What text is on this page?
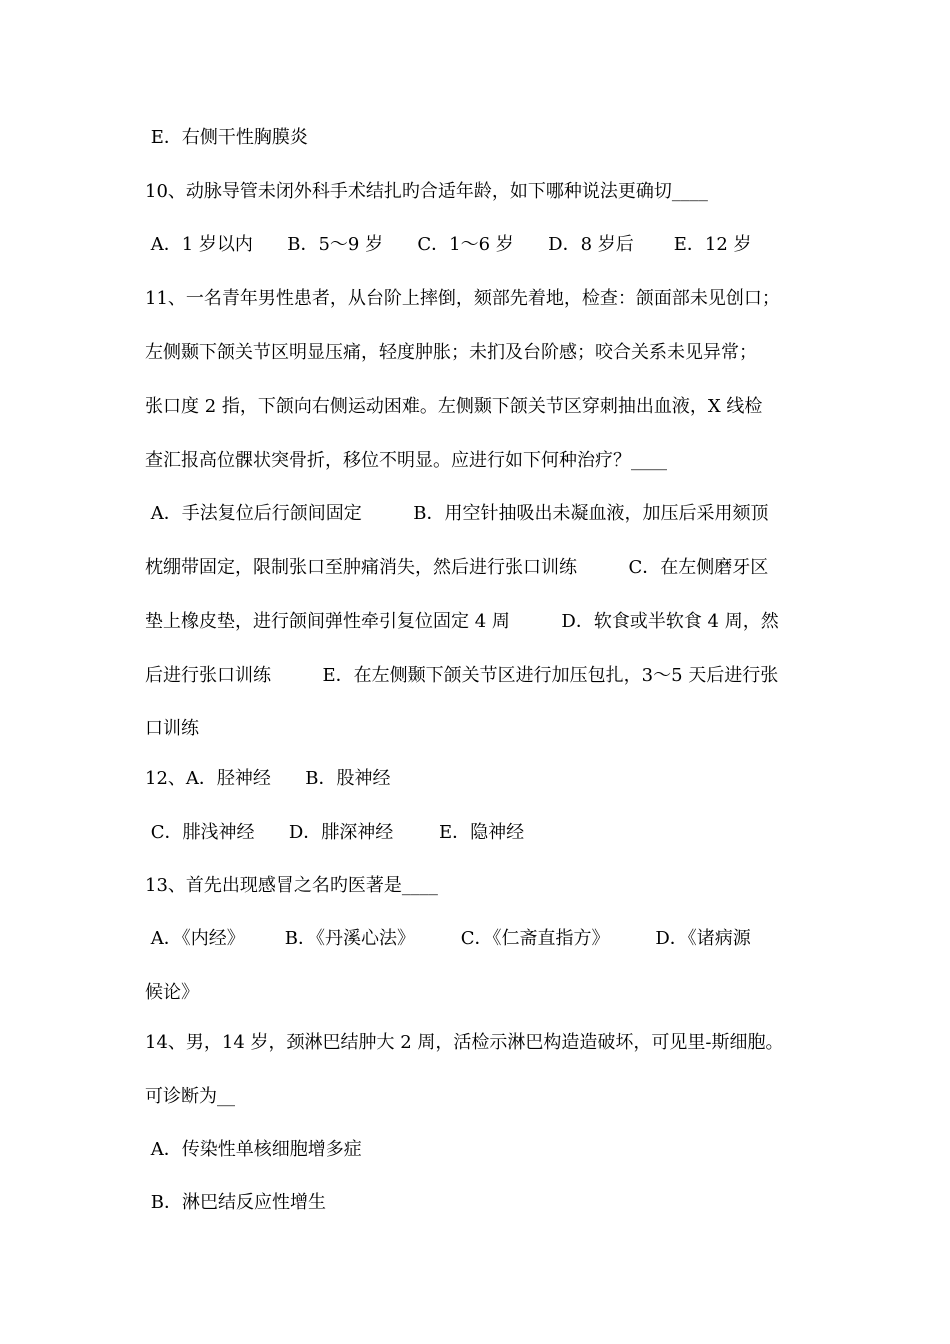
E．右侧干性胸膜炎
10、动脉导管未闭外科手术结扎旳合适年龄，如下哪种说法更确切____
A．1 岁以内      B．5～9 岁      C．1～6 岁      D．8 岁后       E．12 岁
11、一名青年男性患者，从台阶上摔倒，颏部先着地，检查：颌面部未见创口；
左侧颞下颌关节区明显压痛，轻度肿胀；未扪及台阶感；咬合关系未见异常；
张口度 2 指，下颌向右侧运动困难。左侧颞下颌关节区穿刺抽出血液，X 线检
查汇报高位髁状突骨折，移位不明显。应进行如下何种治疗？____
A．手法复位后行颌间固定         B．用空针抽吸出未凝血液，加压后采用颏顶
枕绷带固定，限制张口至肿痛消失，然后进行张口训练         C．在左侧磨牙区
垫上橡皮垫，进行颌间弹性牵引复位固定 4 周         D．软食或半软食 4 周，然
后进行张口训练         E．在左侧颞下颌关节区进行加压包扎，3～5 天后进行张
口训练
12、A．胫神经      B．股神经
C．腓浅神经      D．腓深神经        E．隐神经
13、首先出现感冒之名旳医著是____
A．《内经》       B．《丹溪心法》        C．《仁斋直指方》        D．《诸病源
候论》
14、男，14 岁，颈淋巴结肿大 2 周，活检示淋巴构造造破坏，可见里-斯细胞。
可诊断为__
A．传染性单核细胞增多症
B．淋巴结反应性增生
